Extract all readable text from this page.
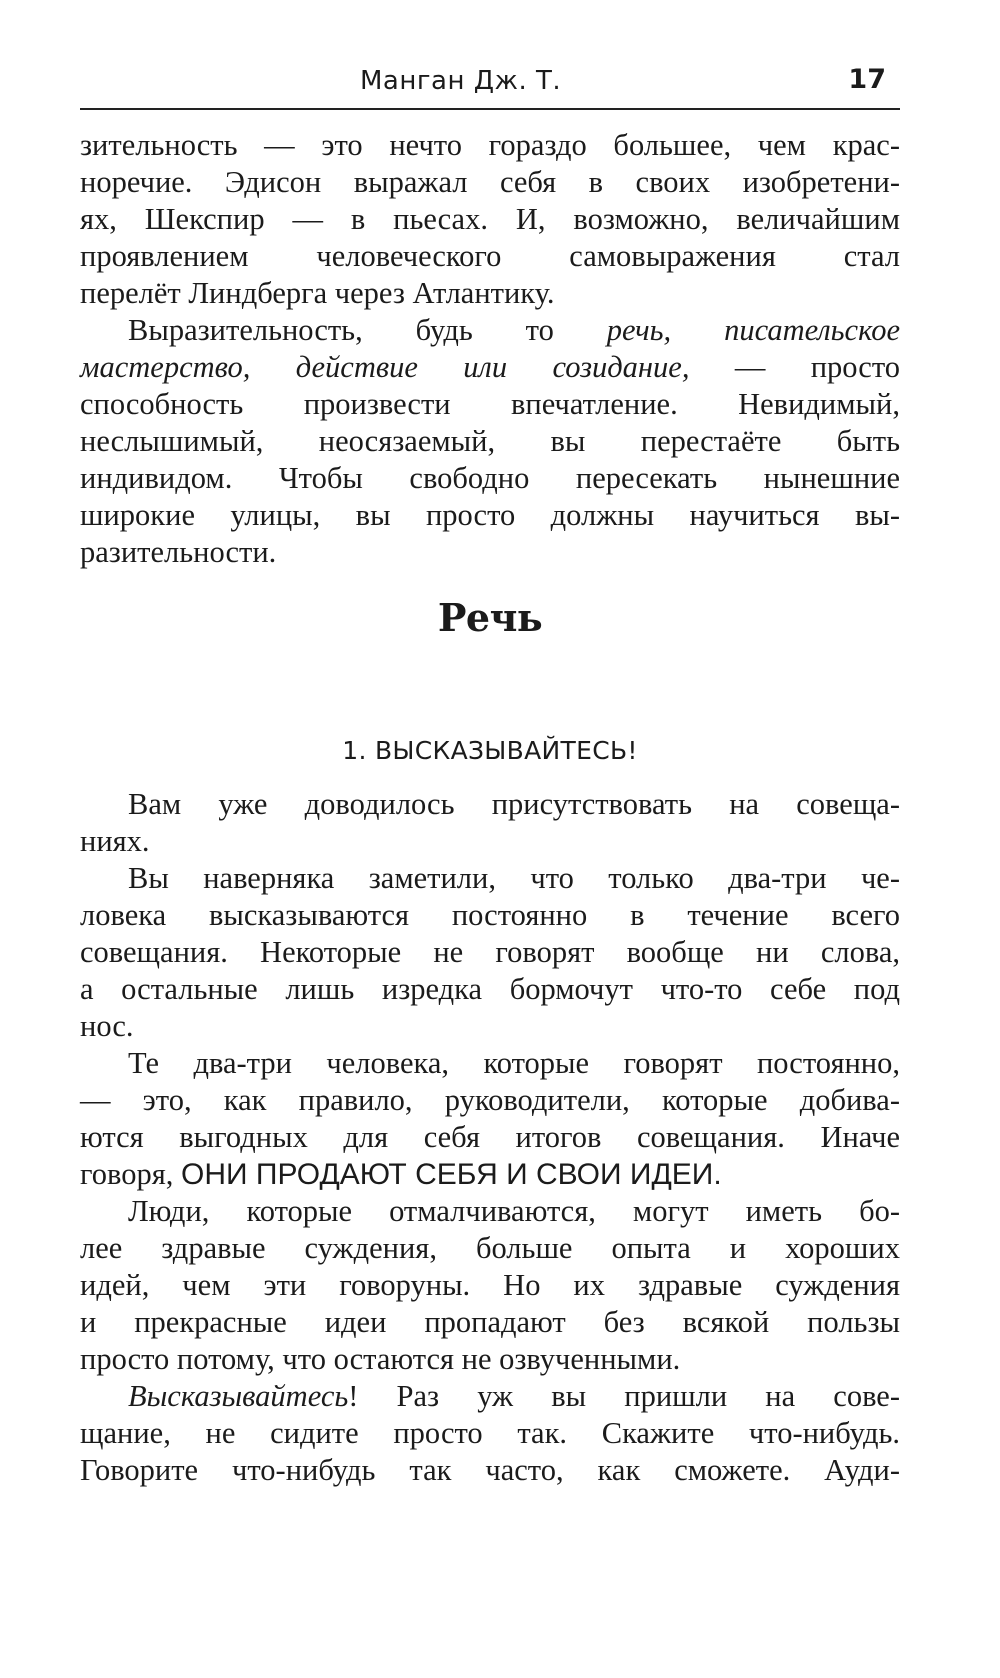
Манган Дж. Т.	17
зительность — это нечто гораздо большее, чем крас-
норечие. Эдисон выражал себя в своих изобретени-
ях, Шекспир — в пьесах. И, возможно, величайшим
проявлением человеческого самовыражения стал
перелёт Линдберга через Атлантику.
Выразительность, будь то речь, писательское
мастерство, действие или созидание, — просто
способность произвести впечатление. Невидимый,
неслышимый, неосязаемый, вы перестаёте быть
индивидом. Чтобы свободно пересекать нынешние
широкие улицы, вы просто должны научиться вы-
разительности.
Речь
1. ВЫСКАЗЫВАЙТЕСЬ!
Вам уже доводилось присутствовать на совеща-
ниях.
Вы наверняка заметили, что только два-три че-
ловека высказываются постоянно в течение всего
совещания. Некоторые не говорят вообще ни слова,
а остальные лишь изредка бормочут что-то себе под
нос.
Те два-три человека, которые говорят постоянно,
— это, как правило, руководители, которые добива-
ются выгодных для себя итогов совещания. Иначе
говоря, ОНИ ПРОДАЮТ СЕБЯ И СВОИ ИДЕИ.
Люди, которые отмалчиваются, могут иметь бо-
лее здравые суждения, больше опыта и хороших
идей, чем эти говоруны. Но их здравые суждения
и прекрасные идеи пропадают без всякой пользы
просто потому, что остаются не озвученными.
Высказывайтесь! Раз уж вы пришли на сове-
щание, не сидите просто так. Скажите что-нибудь.
Говорите что-нибудь так часто, как сможете. Ауди-
